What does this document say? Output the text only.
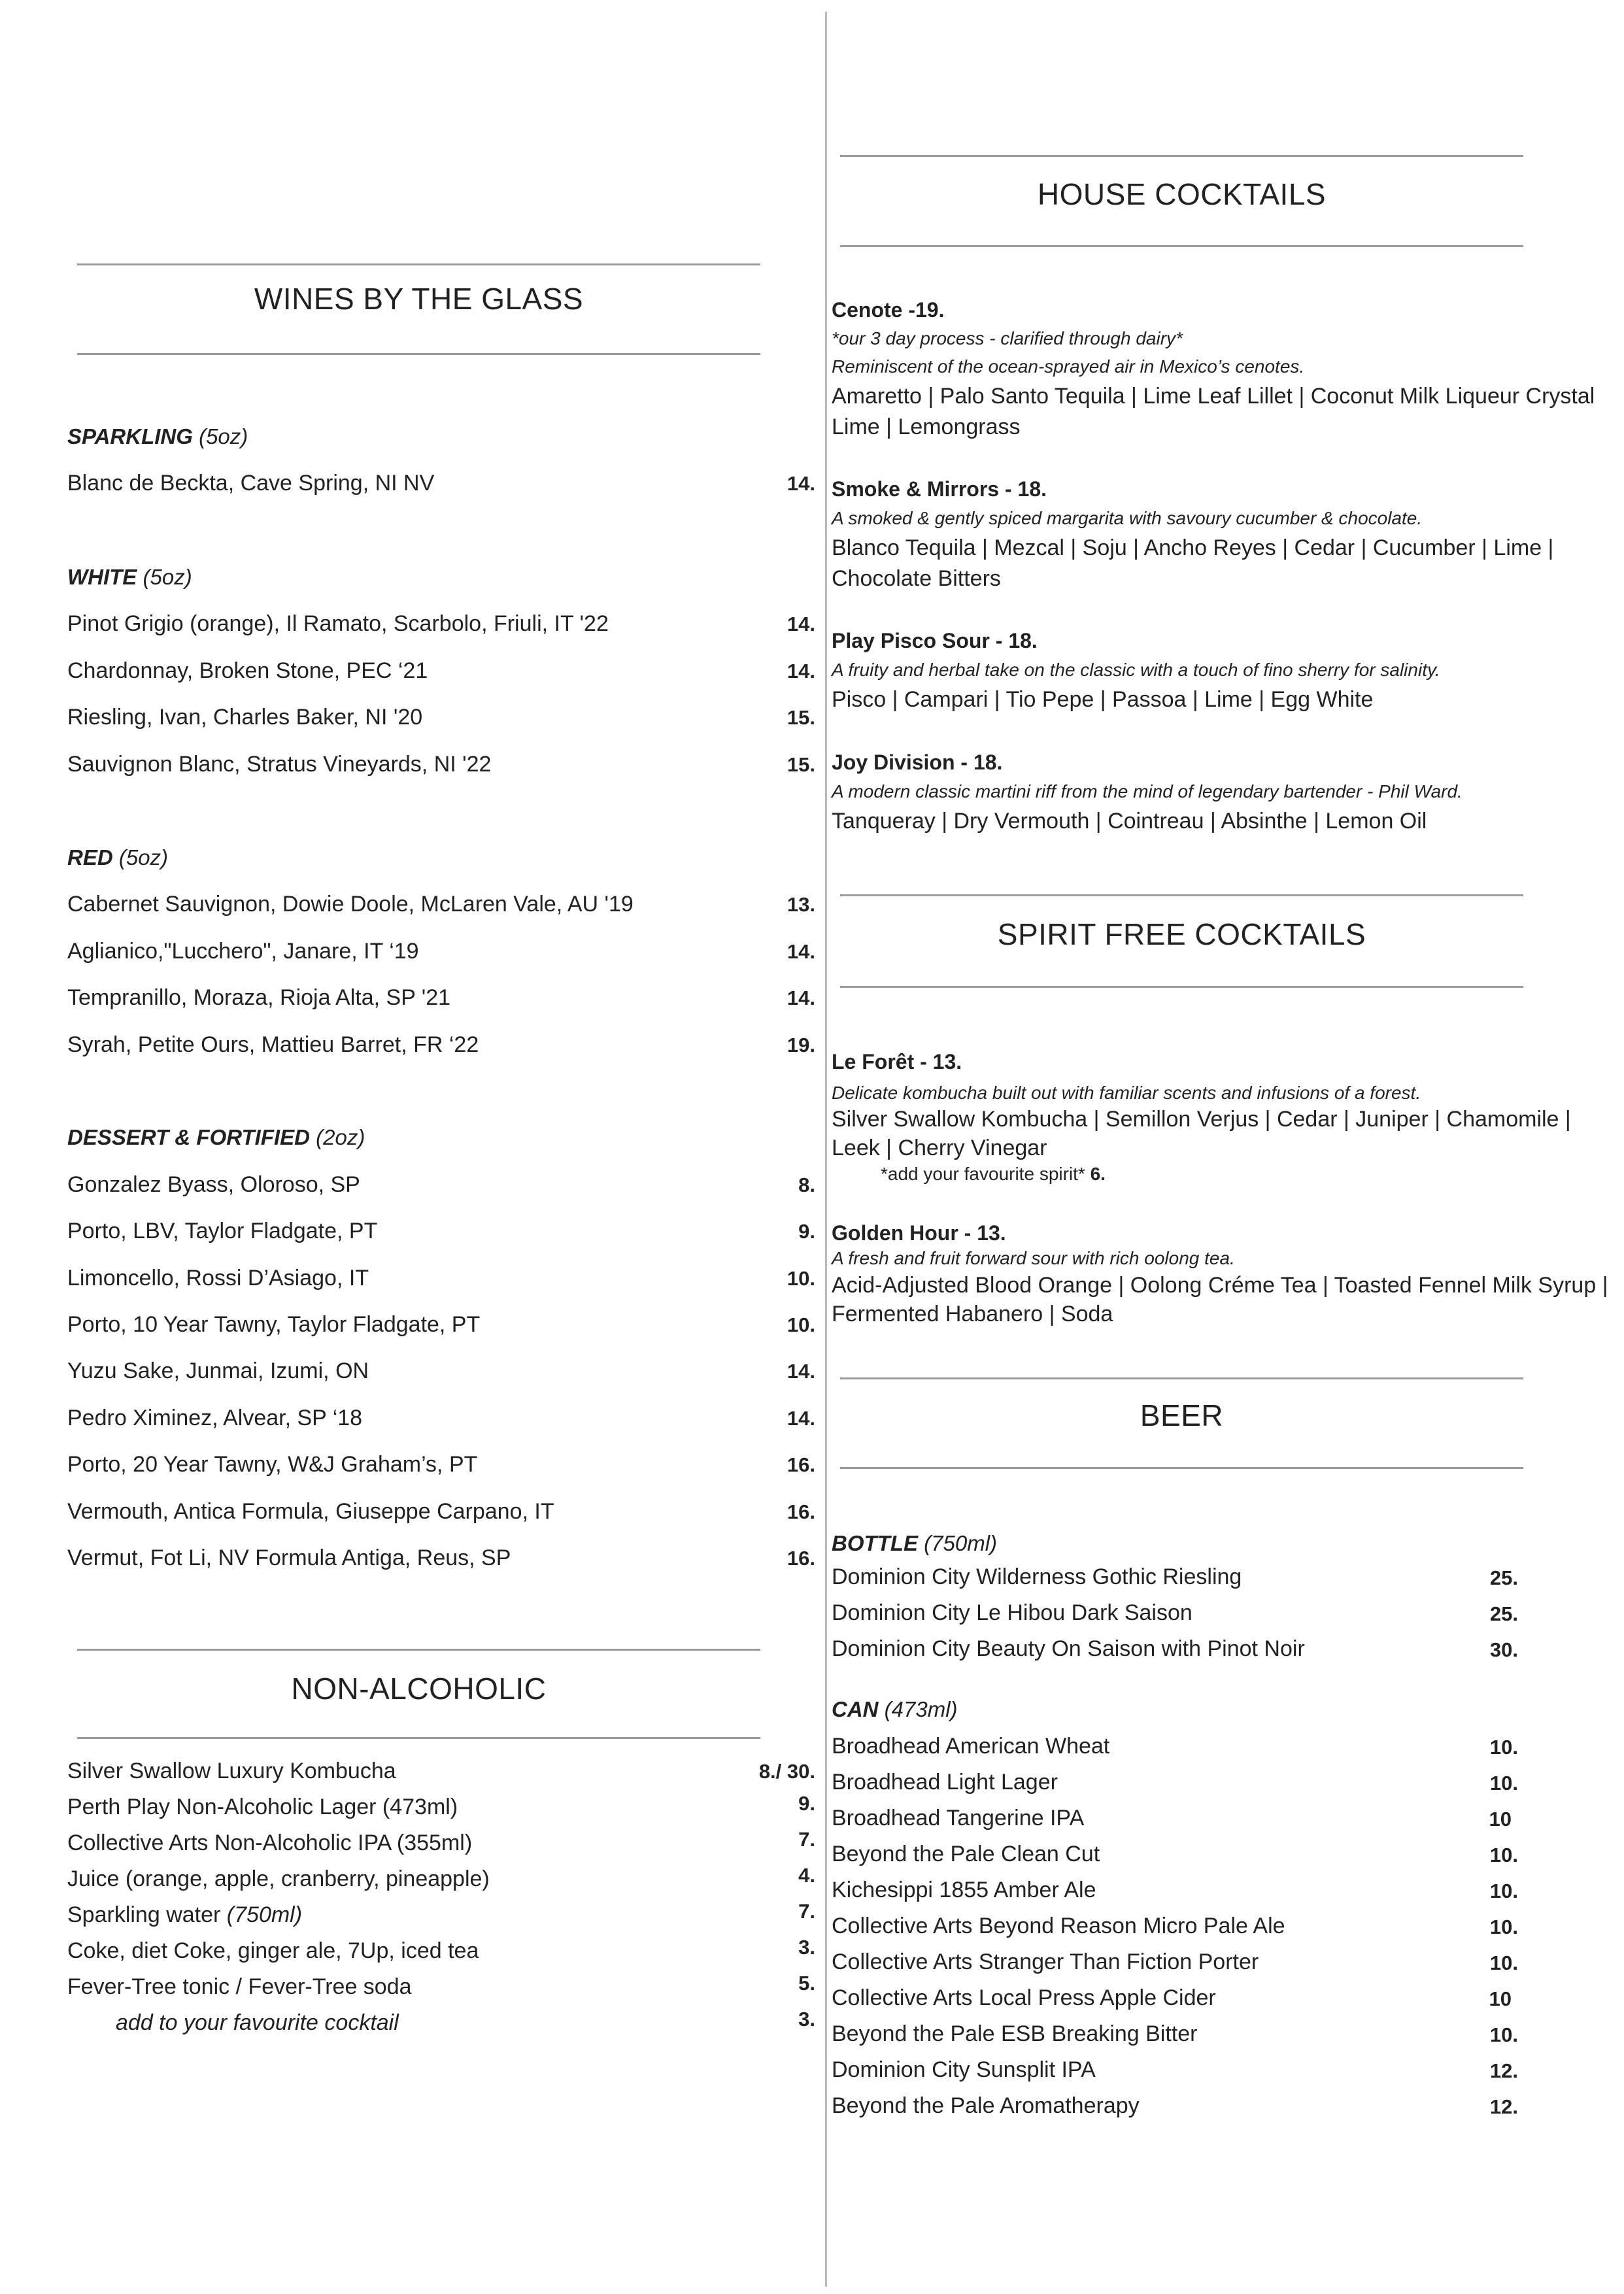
WINES BY THE GLASS
SPARKLING (5oz)
Blanc de Beckta, Cave Spring, NI NV	14.
WHITE (5oz)
Pinot Grigio (orange), Il Ramato, Scarbolo, Friuli, IT '22	14.
Chardonnay, Broken Stone, PEC ‘21	14.
Riesling, Ivan, Charles Baker, NI '20	15.
Sauvignon Blanc, Stratus Vineyards, NI '22	15.
RED (5oz)
Cabernet Sauvignon, Dowie Doole, McLaren Vale, AU '19	13.
Aglianico,"Lucchero", Janare, IT ‘19	14.
Tempranillo, Moraza, Rioja Alta, SP '21	14.
Syrah, Petite Ours, Mattieu Barret, FR ‘22	19.
DESSERT & FORTIFIED (2oz)
Gonzalez Byass, Oloroso, SP	8.
Porto, LBV, Taylor Fladgate, PT	9.
Limoncello, Rossi D’Asiago, IT	10.
Porto, 10 Year Tawny, Taylor Fladgate, PT	10.
Yuzu Sake, Junmai, Izumi, ON	14.
Pedro Ximinez, Alvear, SP ‘18	14.
Porto, 20 Year Tawny, W&J Graham’s, PT	16.
Vermouth, Antica Formula, Giuseppe Carpano, IT	16.
Vermut, Fot Li, NV Formula Antiga, Reus, SP	16.
NON-ALCOHOLIC
Silver Swallow Luxury Kombucha	8./ 30.
Perth Play Non-Alcoholic Lager (473ml)	9.
Collective Arts Non-Alcoholic IPA (355ml)	7.
Juice (orange, apple, cranberry, pineapple)	4.
Sparkling water (750ml)	7.
Coke, diet Coke, ginger ale, 7Up, iced tea	3.
Fever-Tree tonic / Fever-Tree soda	5.
add to your favourite cocktail	3.
HOUSE COCKTAILS
Cenote -19.
*our 3 day process - clarified through dairy*
Reminiscent of the ocean-sprayed air in Mexico’s cenotes.
Amaretto | Palo Santo Tequila | Lime Leaf Lillet | Coconut Milk Liqueur Crystal Lime | Lemongrass
Smoke & Mirrors - 18.
A smoked & gently spiced margarita with savoury cucumber & chocolate.
Blanco Tequila | Mezcal | Soju | Ancho Reyes | Cedar | Cucumber | Lime | Chocolate Bitters
Play Pisco Sour - 18.
A fruity and herbal take on the classic with a touch of fino sherry for salinity.
Pisco | Campari | Tio Pepe | Passoa | Lime | Egg White
Joy Division - 18.
A modern classic martini riff from the mind of legendary bartender - Phil Ward.
Tanqueray | Dry Vermouth | Cointreau | Absinthe | Lemon Oil
SPIRIT FREE COCKTAILS
Le Forêt - 13.
Delicate kombucha built out with familiar scents and infusions of a forest.
Silver Swallow Kombucha | Semillon Verjus | Cedar | Juniper | Chamomile | Leek | Cherry Vinegar
*add your favourite spirit* 6.
Golden Hour - 13.
A fresh and fruit forward sour with rich oolong tea.
Acid-Adjusted Blood Orange | Oolong Créme Tea | Toasted Fennel Milk Syrup | Fermented Habanero | Soda
BEER
BOTTLE (750ml)
Dominion City Wilderness Gothic Riesling	25.
Dominion City Le Hibou Dark Saison	25.
Dominion City Beauty On Saison with Pinot Noir	30.
CAN (473ml)
Broadhead American Wheat	10.
Broadhead Light Lager	10.
Broadhead Tangerine IPA	10
Beyond the Pale Clean Cut	10.
Kichesippi 1855 Amber Ale	10.
Collective Arts Beyond Reason Micro Pale Ale	10.
Collective Arts Stranger Than Fiction Porter	10.
Collective Arts Local Press Apple Cider	10
Beyond the Pale ESB Breaking Bitter	10.
Dominion City Sunsplit IPA	12.
Beyond the Pale Aromatherapy	12.
